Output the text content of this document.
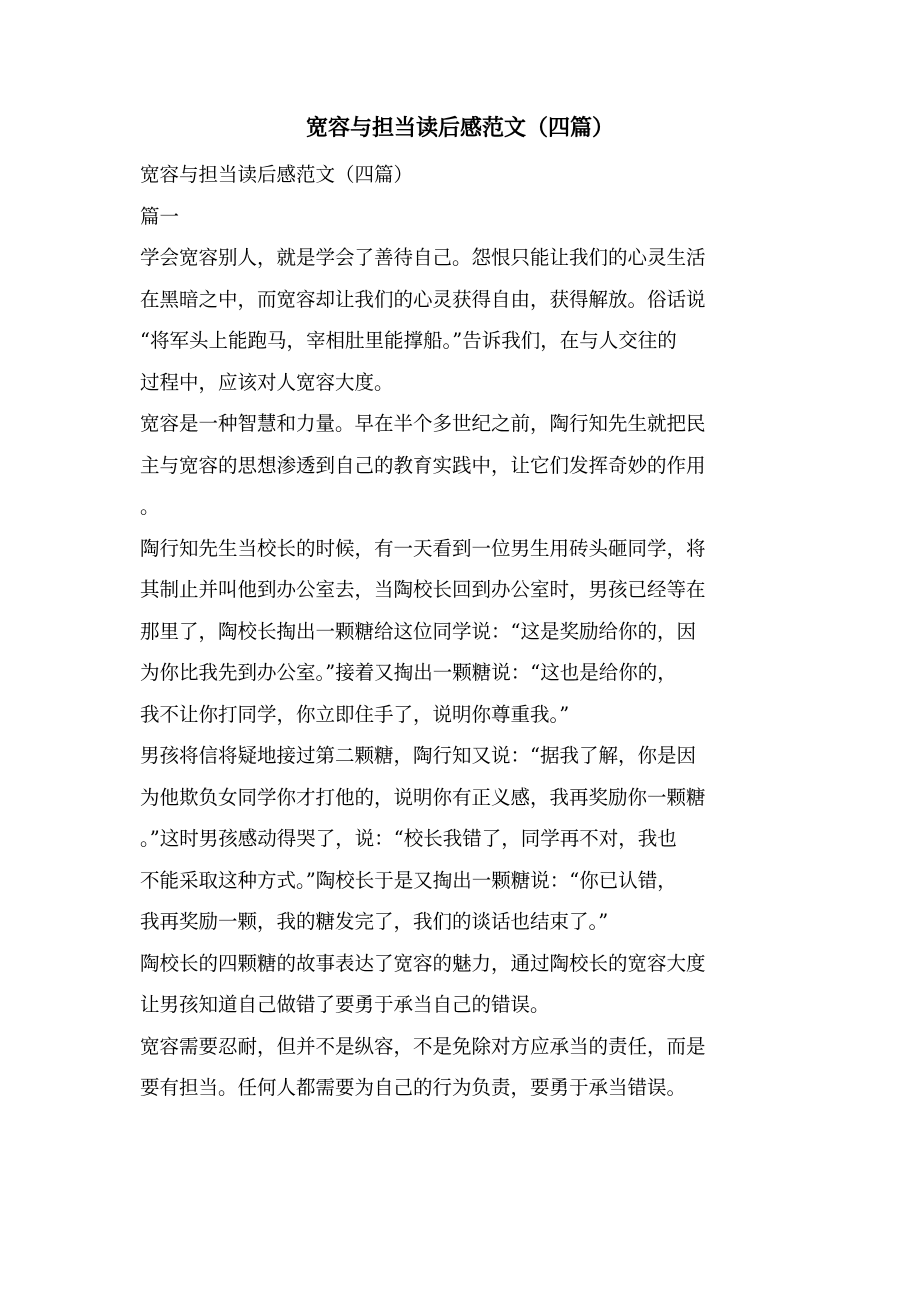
宽容与担当读后感范文（四篇）

宽容与担当读后感范文（四篇）

篇一

学会宽容别人，就是学会了善待自己。怨恨只能让我们的心灵生活
在黑暗之中，而宽容却让我们的心灵获得自由，获得解放。俗话说
“将军头上能跑马，宰相肚里能撑船。”告诉我们，在与人交往的
过程中，应该对人宽容大度。

宽容是一种智慧和力量。早在半个多世纪之前，陶行知先生就把民
主与宽容的思想渗透到自己的教育实践中，让它们发挥奇妙的作用
。

陶行知先生当校长的时候，有一天看到一位男生用砖头砸同学，将
其制止并叫他到办公室去，当陶校长回到办公室时，男孩已经等在
那里了，陶校长掏出一颗糖给这位同学说：“这是奖励给你的，因
为你比我先到办公室。”接着又掏出一颗糖说：“这也是给你的，
我不让你打同学，你立即住手了，说明你尊重我。”

男孩将信将疑地接过第二颗糖，陶行知又说：“据我了解，你是因
为他欺负女同学你才打他的，说明你有正义感，我再奖励你一颗糖
。”这时男孩感动得哭了，说：“校长我错了，同学再不对，我也
不能采取这种方式。”陶校长于是又掏出一颗糖说：“你已认错，
我再奖励一颗，我的糖发完了，我们的谈话也结束了。”

陶校长的四颗糖的故事表达了宽容的魅力，通过陶校长的宽容大度
让男孩知道自己做错了要勇于承当自己的错误。

宽容需要忍耐，但并不是纵容，不是免除对方应承当的责任，而是
要有担当。任何人都需要为自己的行为负责，要勇于承当错误。
